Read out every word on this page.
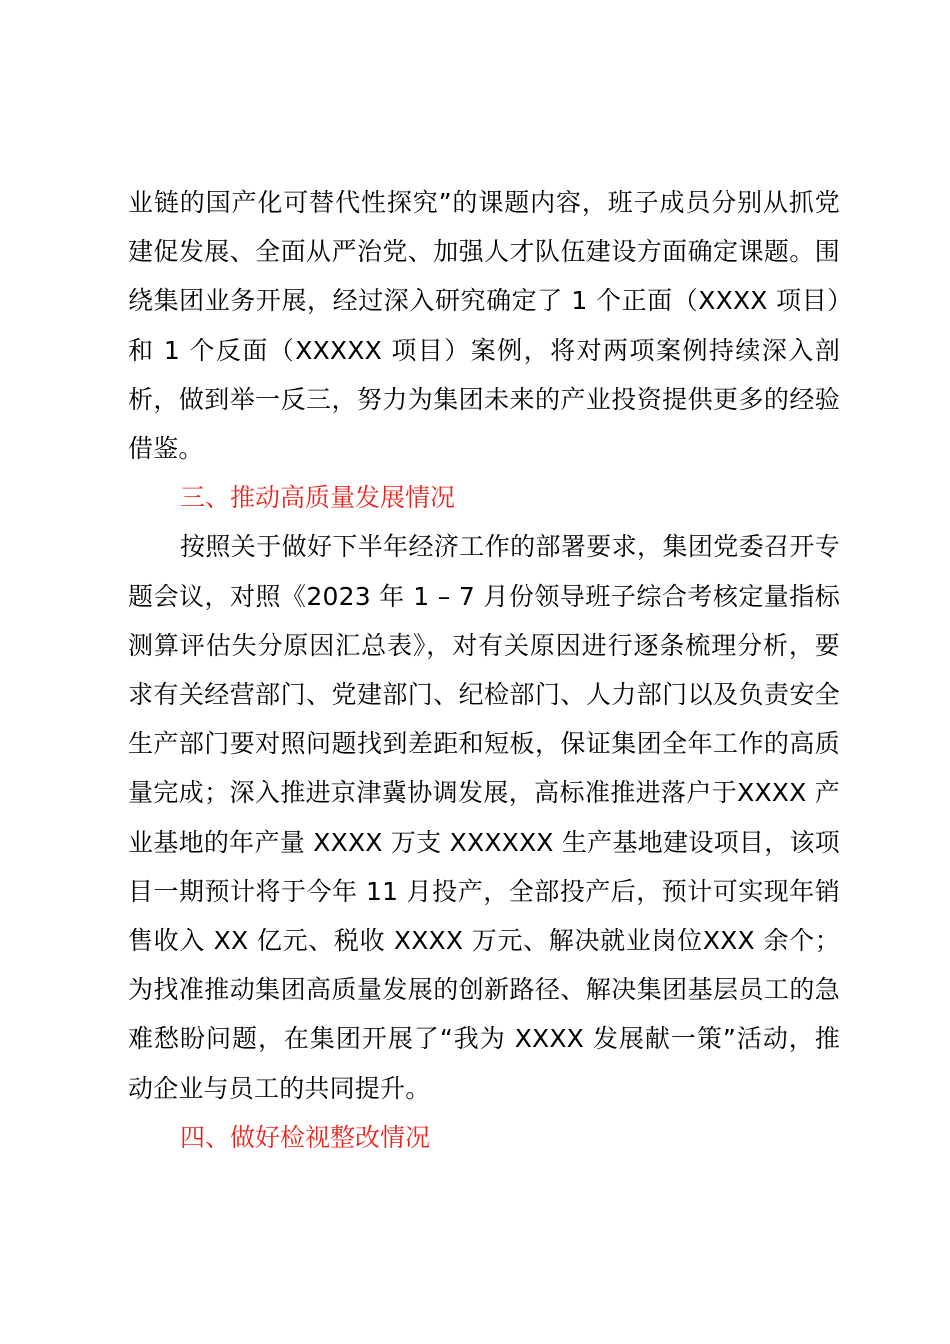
业链的国产化可替代性探究”的课题内容，班子成员分别从抓党建促发展、全面从严治党、加强人才队伍建设方面确定课题。围绕集团业务开展，经过深入研究确定了 1 个正面（XXXX 项目）和 1 个反面（XXXXX 项目）案例，将对两项案例持续深入剖析，做到举一反三，努力为集团未来的产业投资提供更多的经验借鉴。

三、推动高质量发展情况

按照关于做好下半年经济工作的部署要求，集团党委召开专题会议，对照《2023 年 1 – 7 月份领导班子综合考核定量指标测算评估失分原因汇总表》，对有关原因进行逐条梳理分析，要求有关经营部门、党建部门、纪检部门、人力部门以及负责安全生产部门要对照问题找到差距和短板，保证集团全年工作的高质量完成；深入推进京津冀协调发展，高标准推进落户于XXXX 产业基地的年产量 XXXX 万支 XXXXXX 生产基地建设项目，该项目一期预计将于今年 11 月投产，全部投产后，预计可实现年销售收入 XX 亿元、税收 XXXX 万元、解决就业岗位XXX 余个；为找准推动集团高质量发展的创新路径、解决集团基层员工的急难愁盼问题，在集团开展了“我为 XXXX 发展献一策”活动，推动企业与员工的共同提升。

四、做好检视整改情况
